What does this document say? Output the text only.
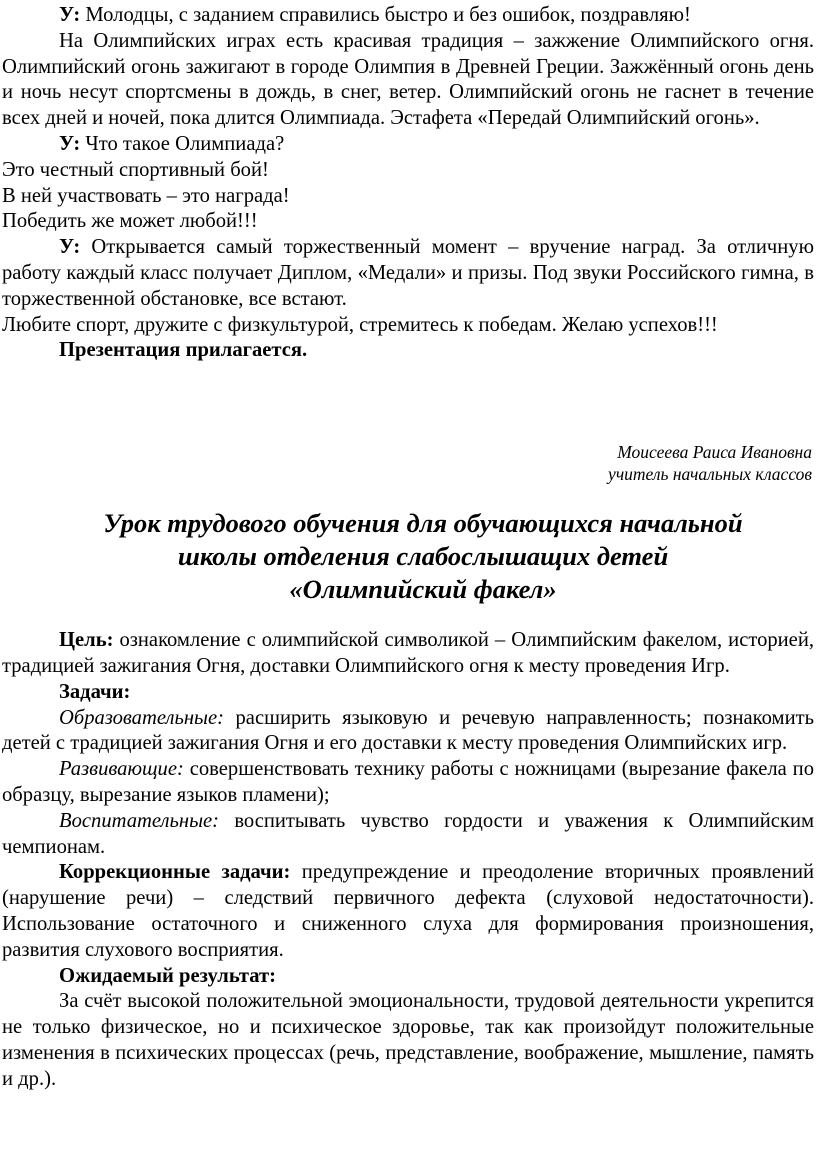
У: Молодцы, с заданием справились быстро и без ошибок, поздравляю!

На Олимпийских играх есть красивая традиция – зажжение Олимпийского огня. Олимпийский огонь зажигают в городе Олимпия в Древней Греции. Зажжённый огонь день и ночь несут спортсмены в дождь, в снег, ветер. Олимпийский огонь не гаснет в течение всех дней и ночей, пока длится Олимпиада. Эстафета «Передай Олимпийский огонь».

У: Что такое Олимпиада?

Это честный спортивный бой!

В ней участвовать – это награда!

Победить же может любой!!!

У: Открывается самый торжественный момент – вручение наград. За отличную работу каждый класс получает Диплом, «Медали» и призы. Под звуки Российского гимна, в торжественной обстановке, все встают.

Любите спорт, дружите с физкультурой, стремитесь к победам. Желаю успехов!!!

Презентация прилагается.

Моисеева Раиса Ивановна

учитель начальных классов

Урок трудового обучения для обучающихся начальной
школы отделения слабослышащих детей
«Олимпийский факел»

Цель: ознакомление с олимпийской символикой – Олимпийским факелом, историей, традицией зажигания Огня, доставки Олимпийского огня к месту проведения Игр.

Задачи:

Образовательные: расширить языковую и речевую направленность; познакомить детей с традицией зажигания Огня и его доставки к месту проведения Олимпийских игр.

Развивающие: совершенствовать технику работы с ножницами (вырезание факела по образцу, вырезание языков пламени);

Воспитательные: воспитывать чувство гордости и уважения к Олимпийским чемпионам.

Коррекционные задачи: предупреждение и преодоление вторичных проявлений (нарушение речи) – следствий первичного дефекта (слуховой недостаточности). Использование остаточного и сниженного слуха для формирования произношения, развития слухового восприятия.

Ожидаемый результат:

За счёт высокой положительной эмоциональности, трудовой деятельности укрепится не только физическое, но и психическое здоровье, так как произойдут положительные изменения в психических процессах (речь, представление, воображение, мышление, память и др.).
